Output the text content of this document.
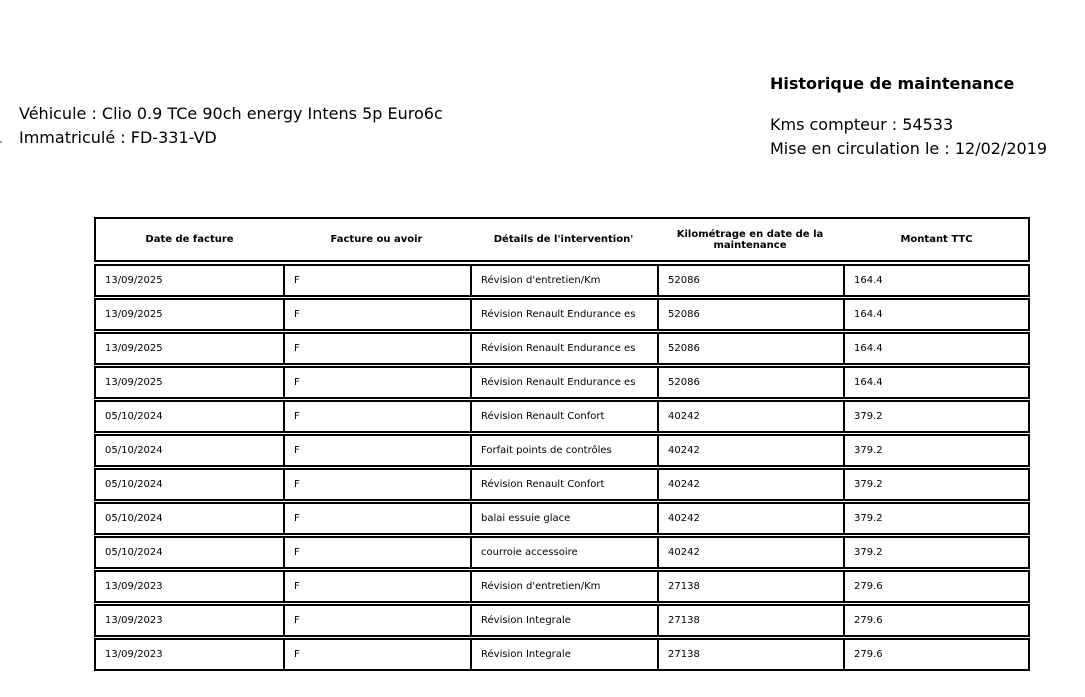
Véhicule : Clio 0.9 TCe 90ch energy Intens 5p Euro6c
Immatriculé : FD-331-VD
Historique de maintenance
Kms compteur : 54533
Mise en circulation le : 12/02/2019
Date de facture	Facture ou avoir	Détails de l'intervention'	Kilométrage en date de la maintenance	Montant TTC
13/09/2025	F	Révision d'entretien/Km	52086	164.4
13/09/2025	F	Révision Renault Endurance es	52086	164.4
13/09/2025	F	Révision Renault Endurance es	52086	164.4
13/09/2025	F	Révision Renault Endurance es	52086	164.4
05/10/2024	F	Révision Renault Confort	40242	379.2
05/10/2024	F	Forfait points de contrôles	40242	379.2
05/10/2024	F	Révision Renault Confort	40242	379.2
05/10/2024	F	balai essuie glace	40242	379.2
05/10/2024	F	courroie accessoire	40242	379.2
13/09/2023	F	Révision d'entretien/Km	27138	279.6
13/09/2023	F	Révision Integrale	27138	279.6
13/09/2023	F	Révision Integrale	27138	279.6
